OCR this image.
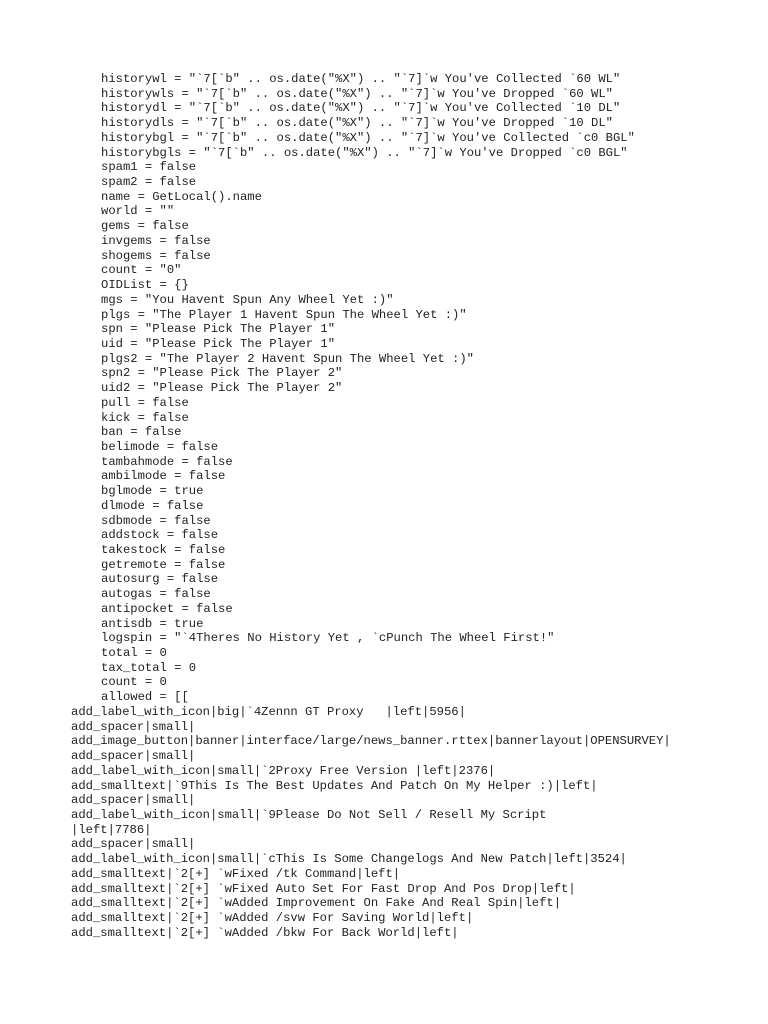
historywl = "`7[`b" .. os.date("%X") .. "`7]`w You've Collected `60 WL"
historywls = "`7[`b" .. os.date("%X") .. "`7]`w You've Dropped `60 WL"
historydl = "`7[`b" .. os.date("%X") .. "`7]`w You've Collected `10 DL"
historydls = "`7[`b" .. os.date("%X") .. "`7]`w You've Dropped `10 DL"
historybgl = "`7[`b" .. os.date("%X") .. "`7]`w You've Collected `c0 BGL"
historybgls = "`7[`b" .. os.date("%X") .. "`7]`w You've Dropped `c0 BGL"
spam1 = false
spam2 = false
name = GetLocal().name
world = ""
gems = false
invgems = false
shogems = false
count = "0"
OIDList = {}
mgs = "You Havent Spun Any Wheel Yet :)"
plgs = "The Player 1 Havent Spun The Wheel Yet :)"
spn = "Please Pick The Player 1"
uid = "Please Pick The Player 1"
plgs2 = "The Player 2 Havent Spun The Wheel Yet :)"
spn2 = "Please Pick The Player 2"
uid2 = "Please Pick The Player 2"
pull = false
kick = false
ban = false
belimode = false
tambahmode = false
ambilmode = false
bglmode = true
dlmode = false
sdbmode = false
addstock = false
takestock = false
getremote = false
autosurg = false
autogas = false
antipocket = false
antisdb = true
logspin = "`4Theres No History Yet , `cPunch The Wheel First!"
total = 0
tax_total = 0
count = 0
allowed = [[
add_label_with_icon|big|`4Zennn GT Proxy   |left|5956|
add_spacer|small|
add_image_button|banner|interface/large/news_banner.rttex|bannerlayout|OPENSURVEY|
add_spacer|small|
add_label_with_icon|small|`2Proxy Free Version |left|2376|
add_smalltext|`9This Is The Best Updates And Patch On My Helper :)|left|
add_spacer|small|
add_label_with_icon|small|`9Please Do Not Sell / Resell My Script
|left|7786|
add_spacer|small|
add_label_with_icon|small|`cThis Is Some Changelogs And New Patch|left|3524|
add_smalltext|`2[+] `wFixed /tk Command|left|
add_smalltext|`2[+] `wFixed Auto Set For Fast Drop And Pos Drop|left|
add_smalltext|`2[+] `wAdded Improvement On Fake And Real Spin|left|
add_smalltext|`2[+] `wAdded /svw For Saving World|left|
add_smalltext|`2[+] `wAdded /bkw For Back World|left|
